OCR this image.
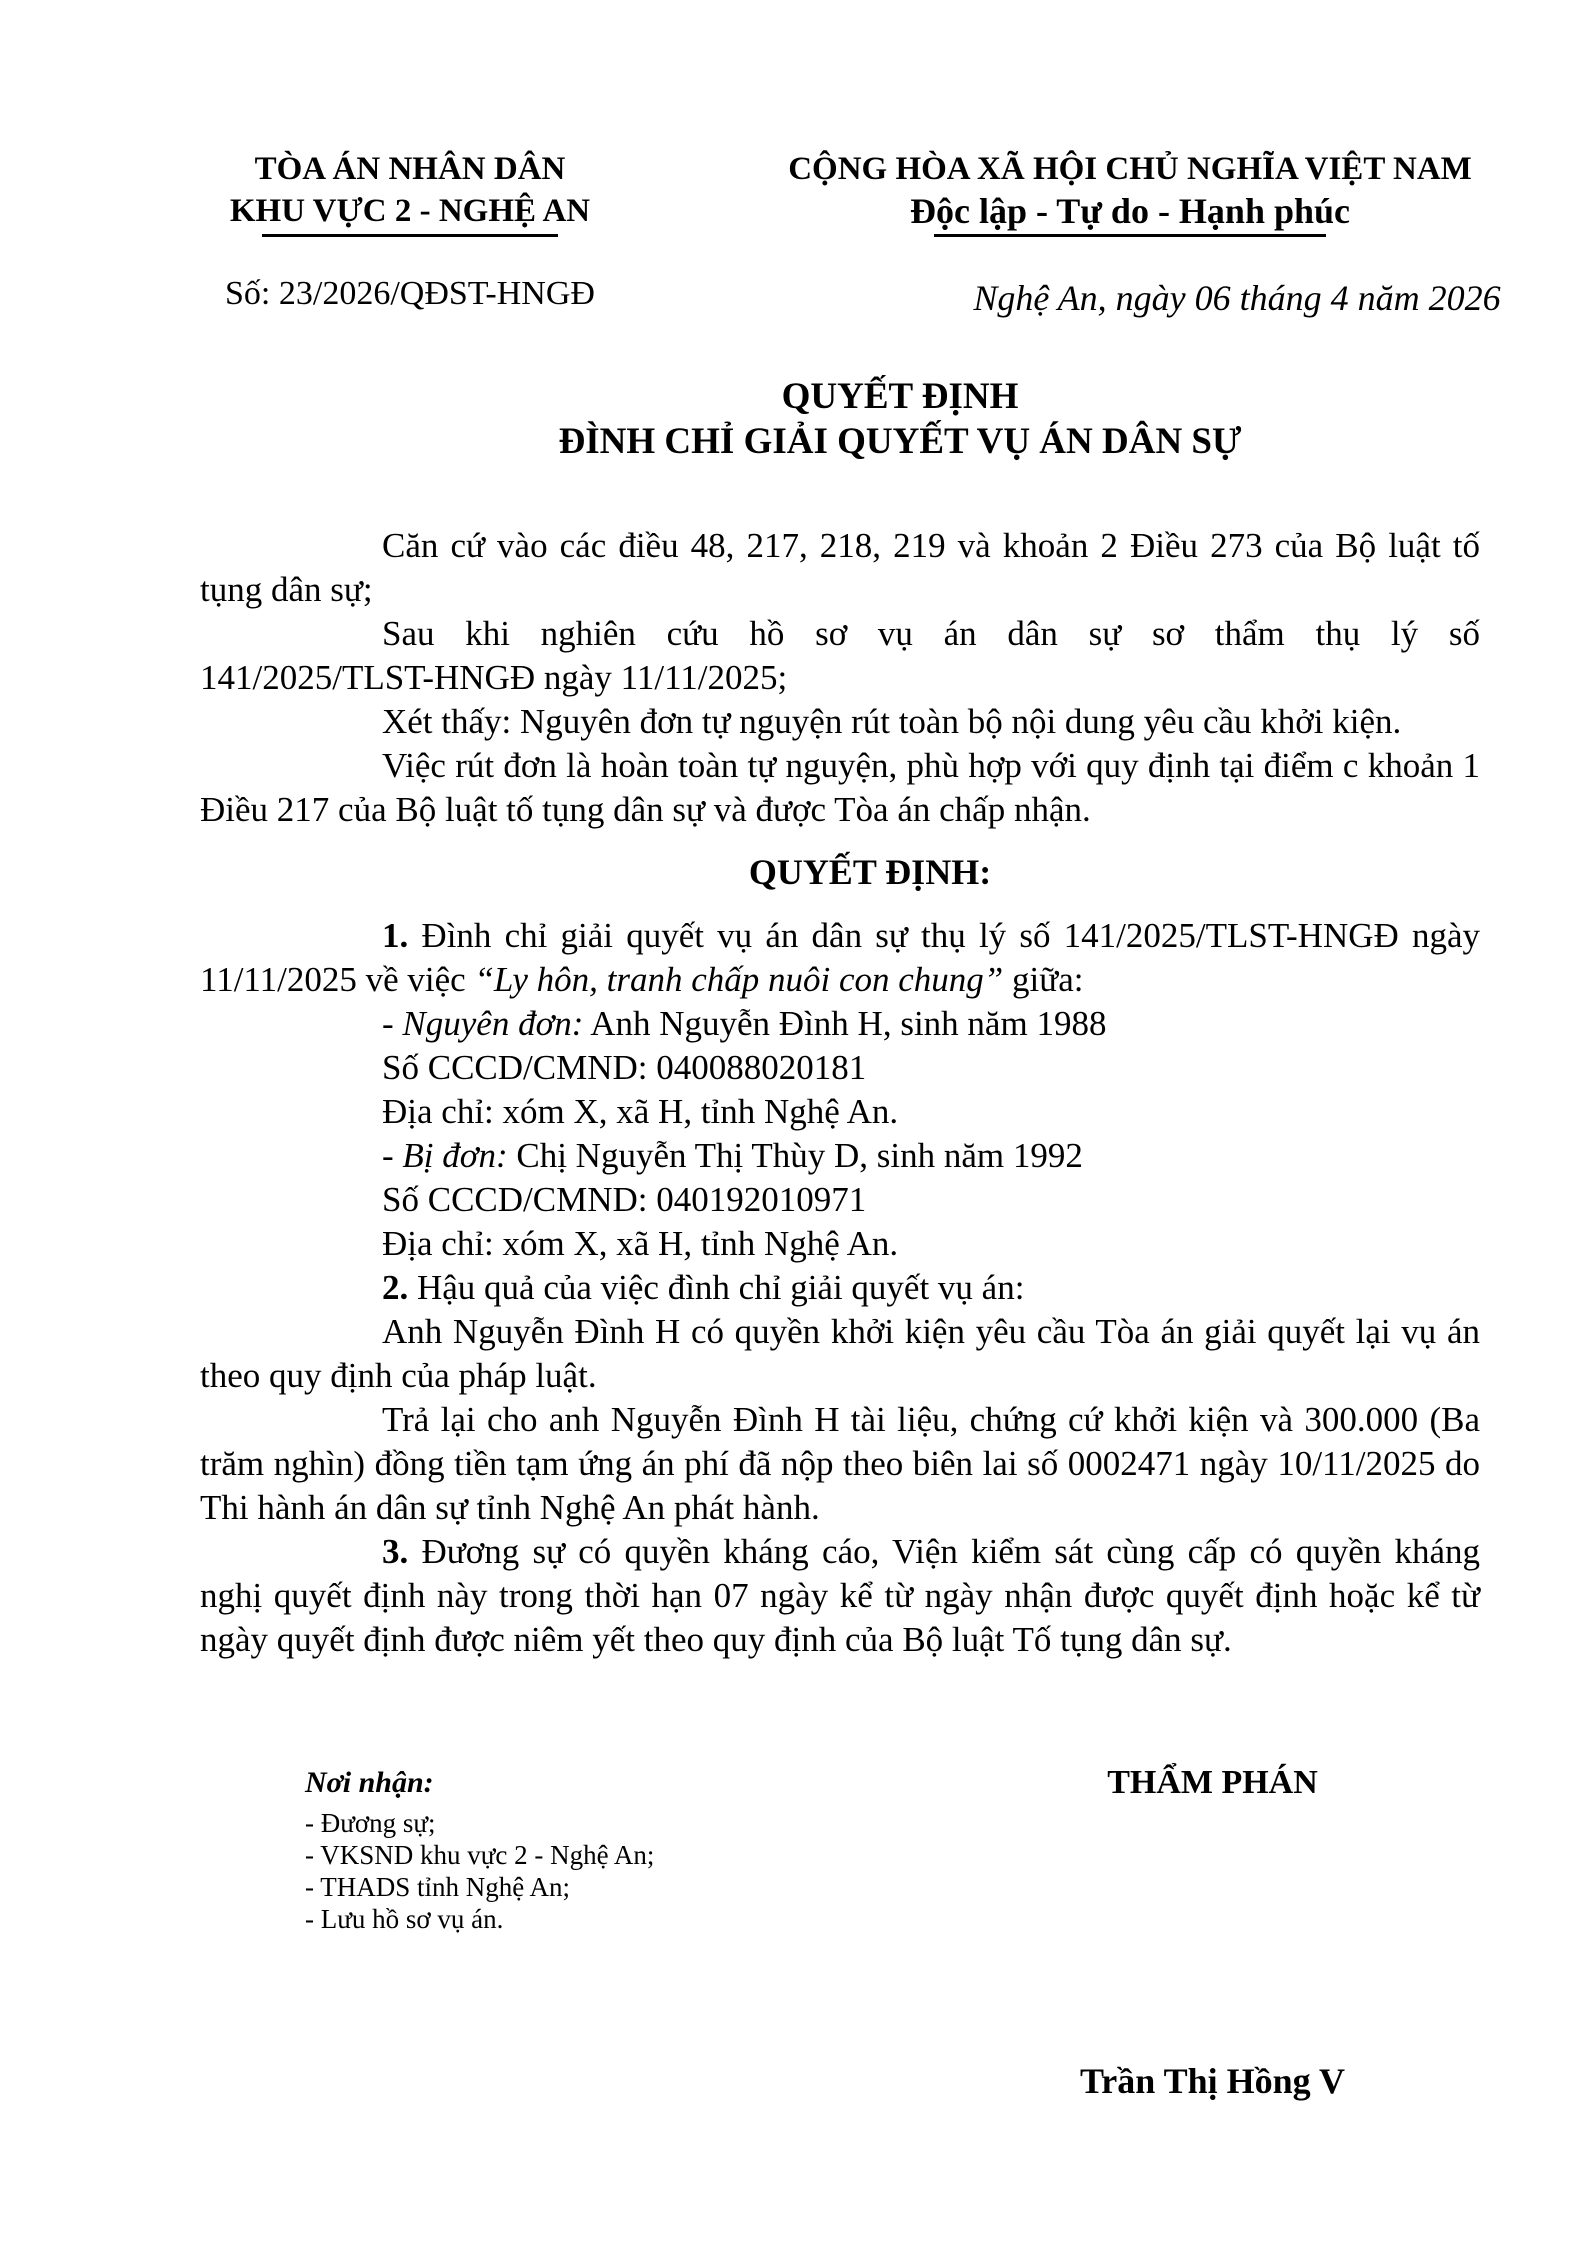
TÒA ÁN NHÂN DÂN
KHU VỰC 2 - NGHỆ AN
Số: 23/2026/QĐST-HNGĐ
CỘNG HÒA XÃ HỘI CHỦ NGHĨA VIỆT NAM
Độc lập - Tự do - Hạnh phúc
Nghệ An, ngày 06 tháng 4 năm 2026
QUYẾT ĐỊNH
ĐÌNH CHỈ GIẢI QUYẾT VỤ ÁN DÂN SỰ

Căn cứ vào các điều 48, 217, 218, 219 và khoản 2 Điều 273 của Bộ luật tố tụng dân sự;

Sau khi nghiên cứu hồ sơ vụ án dân sự sơ thẩm thụ lý số 141/2025/TLST-HNGĐ ngày 11/11/2025;

Xét thấy: Nguyên đơn tự nguyện rút toàn bộ nội dung yêu cầu khởi kiện.

Việc rút đơn là hoàn toàn tự nguyện, phù hợp với quy định tại điểm c khoản 1 Điều 217 của Bộ luật tố tụng dân sự và được Tòa án chấp nhận.

QUYẾT ĐỊNH:

1. Đình chỉ giải quyết vụ án dân sự thụ lý số 141/2025/TLST-HNGĐ ngày 11/11/2025 về việc “Ly hôn, tranh chấp nuôi con chung” giữa:

- Nguyên đơn: Anh Nguyễn Đình H, sinh năm 1988

Số CCCD/CMND: 040088020181

Địa chỉ: xóm X, xã H, tỉnh Nghệ An.

- Bị đơn: Chị Nguyễn Thị Thùy D, sinh năm 1992

Số CCCD/CMND: 040192010971

Địa chỉ: xóm X, xã H, tỉnh Nghệ An.

2. Hậu quả của việc đình chỉ giải quyết vụ án:

Anh Nguyễn Đình H có quyền khởi kiện yêu cầu Tòa án giải quyết lại vụ án theo quy định của pháp luật.

Trả lại cho anh Nguyễn Đình H tài liệu, chứng cứ khởi kiện và 300.000 (Ba trăm nghìn) đồng tiền tạm ứng án phí đã nộp theo biên lai số 0002471 ngày 10/11/2025 do Thi hành án dân sự tỉnh Nghệ An phát hành.

3. Đương sự có quyền kháng cáo, Viện kiểm sát cùng cấp có quyền kháng nghị quyết định này trong thời hạn 07 ngày kể từ ngày nhận được quyết định hoặc kể từ ngày quyết định được niêm yết theo quy định của Bộ luật Tố tụng dân sự.

Nơi nhận:
- Đương sự;
- VKSND khu vực 2 - Nghệ An;
- THADS tỉnh Nghệ An;
- Lưu hồ sơ vụ án.
THẨM PHÁN
Trần Thị Hồng V
